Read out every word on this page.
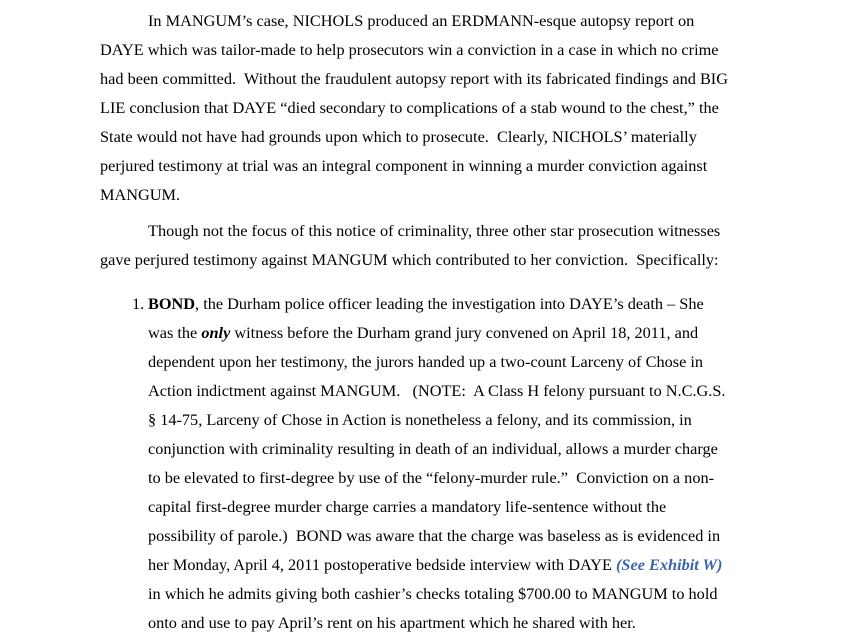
In MANGUM’s case, NICHOLS produced an ERDMANN-esque autopsy report on
DAYE which was tailor-made to help prosecutors win a conviction in a case in which no crime
had been committed.  Without the fraudulent autopsy report with its fabricated findings and BIG
LIE conclusion that DAYE “died secondary to complications of a stab wound to the chest,” the
State would not have had grounds upon which to prosecute.  Clearly, NICHOLS’ materially
perjured testimony at trial was an integral component in winning a murder conviction against
MANGUM.
Though not the focus of this notice of criminality, three other star prosecution witnesses
gave perjured testimony against MANGUM which contributed to her conviction.  Specifically:
1. BOND, the Durham police officer leading the investigation into DAYE’s death – She
was the only witness before the Durham grand jury convened on April 18, 2011, and
dependent upon her testimony, the jurors handed up a two-count Larceny of Chose in
Action indictment against MANGUM.   (NOTE:  A Class H felony pursuant to N.C.G.S.
§ 14-75, Larceny of Chose in Action is nonetheless a felony, and its commission, in
conjunction with criminality resulting in death of an individual, allows a murder charge
to be elevated to first-degree by use of the “felony-murder rule.”  Conviction on a non-
capital first-degree murder charge carries a mandatory life-sentence without the
possibility of parole.)  BOND was aware that the charge was baseless as is evidenced in
her Monday, April 4, 2011 postoperative bedside interview with DAYE (See Exhibit W)
in which he admits giving both cashier’s checks totaling $700.00 to MANGUM to hold
onto and use to pay April’s rent on his apartment which he shared with her.
